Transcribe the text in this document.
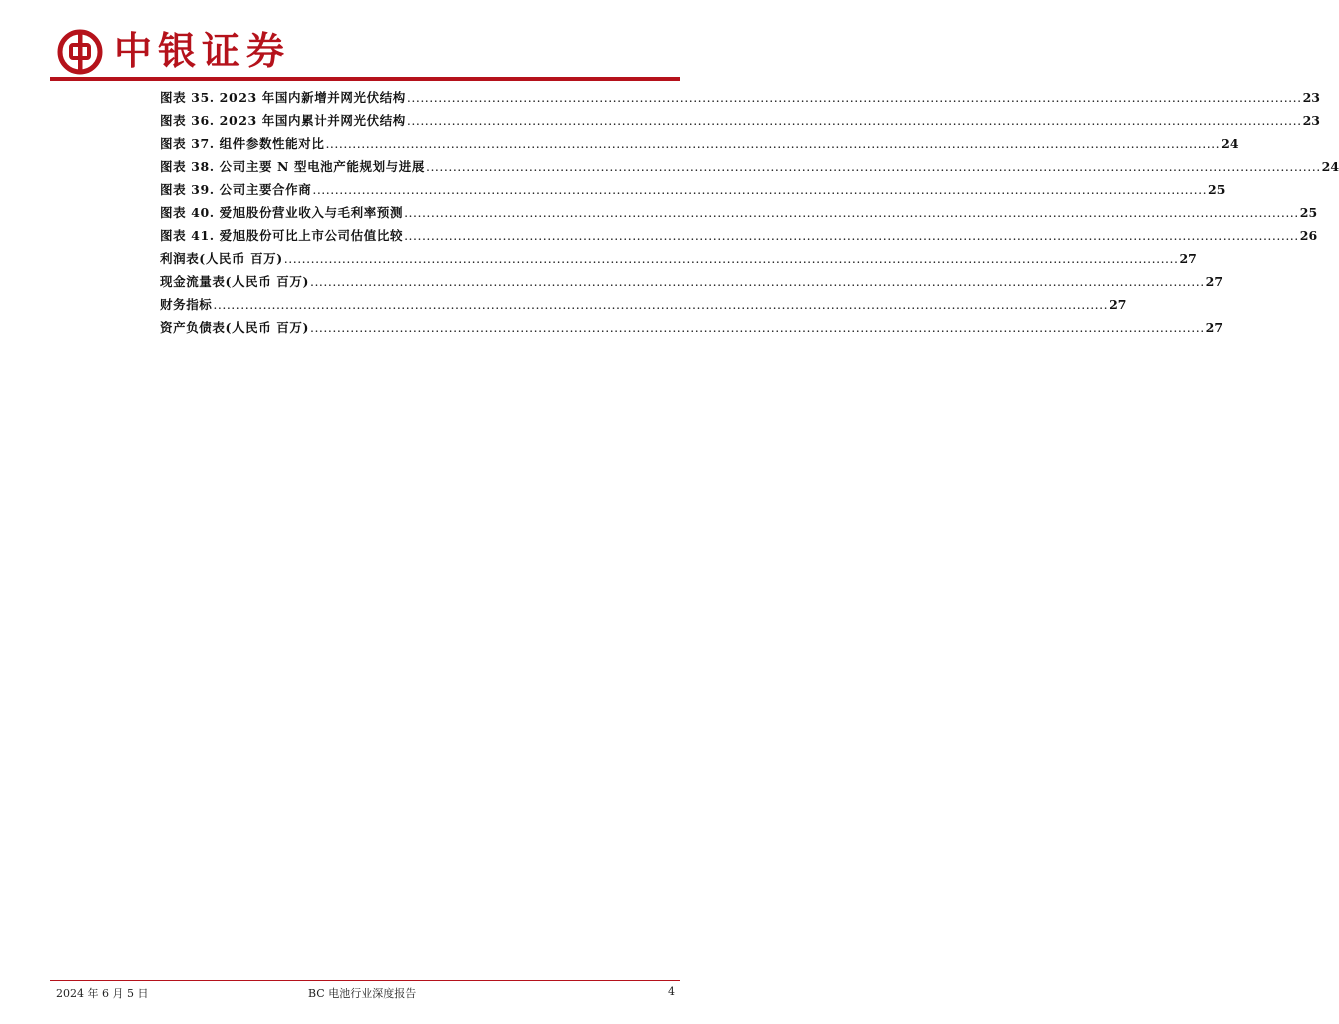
中银证券
图表 35. 2023 年国内新增并网光伏结构 ........................................................................................................................................................................................................ 23
图表 36. 2023 年国内累计并网光伏结构 ........................................................................................................................................................................................................ 23
图表 37. 组件参数性能对比 ........................................................................................................................................................................................................ 24
图表 38. 公司主要 N 型电池产能规划与进展 ........................................................................................................................................................................................................ 24
图表 39. 公司主要合作商 ........................................................................................................................................................................................................ 25
图表 40. 爱旭股份营业收入与毛利率预测 ........................................................................................................................................................................................................ 25
图表 41. 爱旭股份可比上市公司估值比较 ........................................................................................................................................................................................................ 26
利润表(人民币 百万) ........................................................................................................................................................................................................ 27
现金流量表(人民币 百万) ........................................................................................................................................................................................................ 27
财务指标 ........................................................................................................................................................................................................ 27
资产负债表(人民币 百万) ........................................................................................................................................................................................................ 27
2024 年 6 月 5 日	BC 电池行业深度报告	4
